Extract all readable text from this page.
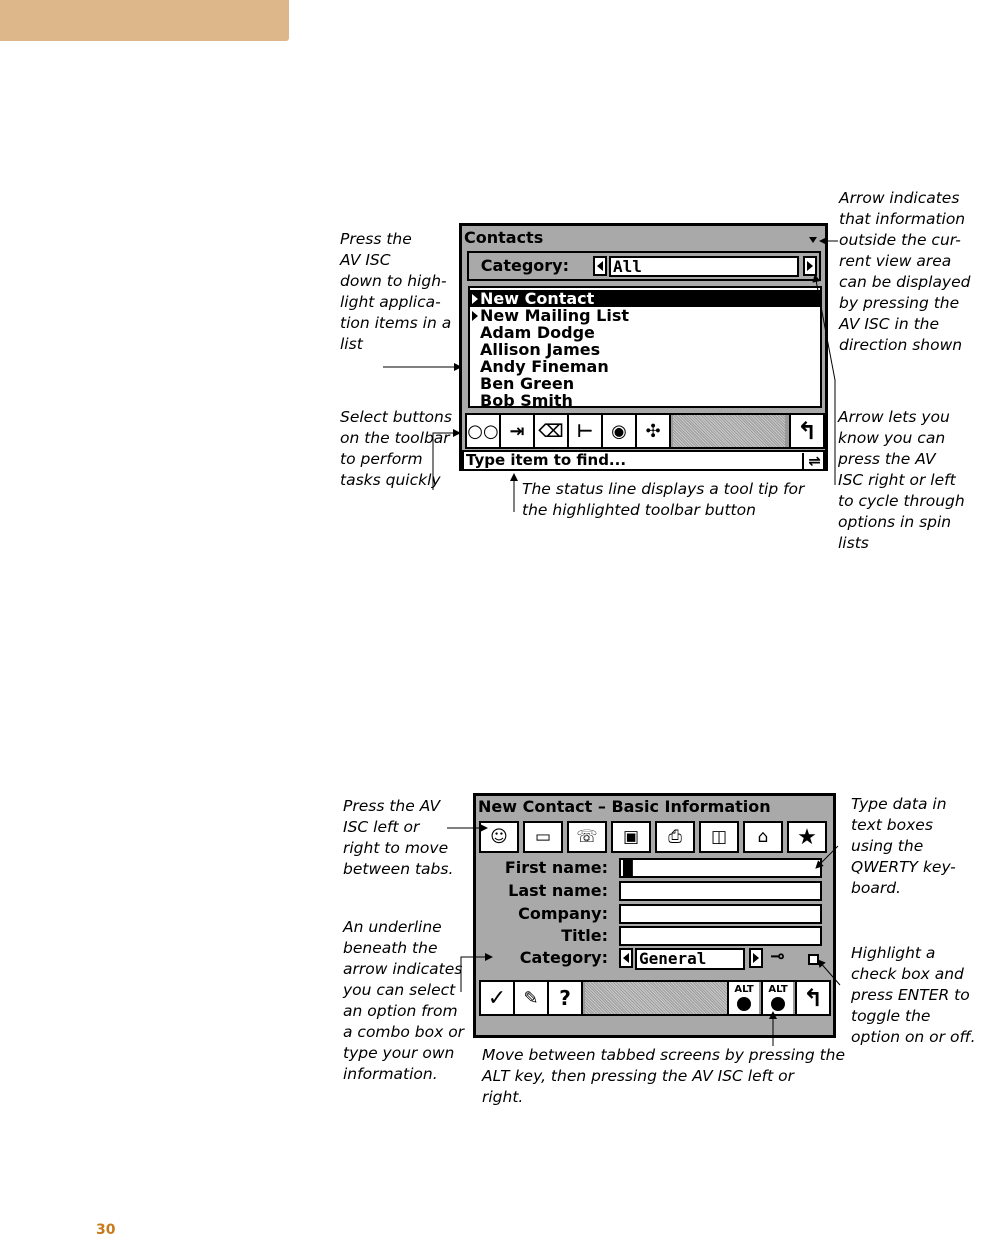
Contacts
Category:	All
New Contact
New Mailing List
Adam Dodge
Allison James
Andy Fineman
Ben Green
Bob Smith
○○ ⇥ ⌫ ⊢ ◉	✣	↰
Type item to find...	⇌
Press the
AV ISC
down to high-
light applica-
tion items in a
list
Select buttons
on the toolbar
to perform
tasks quickly	The status line displays a tool tip for
the highlighted toolbar button
Arrow indicates
that information
outside the cur-
rent view area
can be displayed
by pressing the
AV ISC in the
direction shown
Arrow lets you
know you can
press the AV
ISC right or left
to cycle through
options in spin
lists
New Contact – Basic Information
☺	▭	☏	▣	⎙	◫	⌂	★
First name: █
Last name:
Company:
Title:
Category: General	⊸
✓ ✎	?	ALT	ALT ↰
Press the AV
ISC left or
right to move
between tabs.
An underline
beneath the
arrow indicates
you can select
an option from
a combo box or
type your own
information.
Move between tabbed screens by pressing the
ALT key, then pressing the AV ISC left or
right.
Type data in
text boxes
using the
QWERTY key-
board.
Highlight a
check box and
press ENTER to
toggle the
option on or off.
30
